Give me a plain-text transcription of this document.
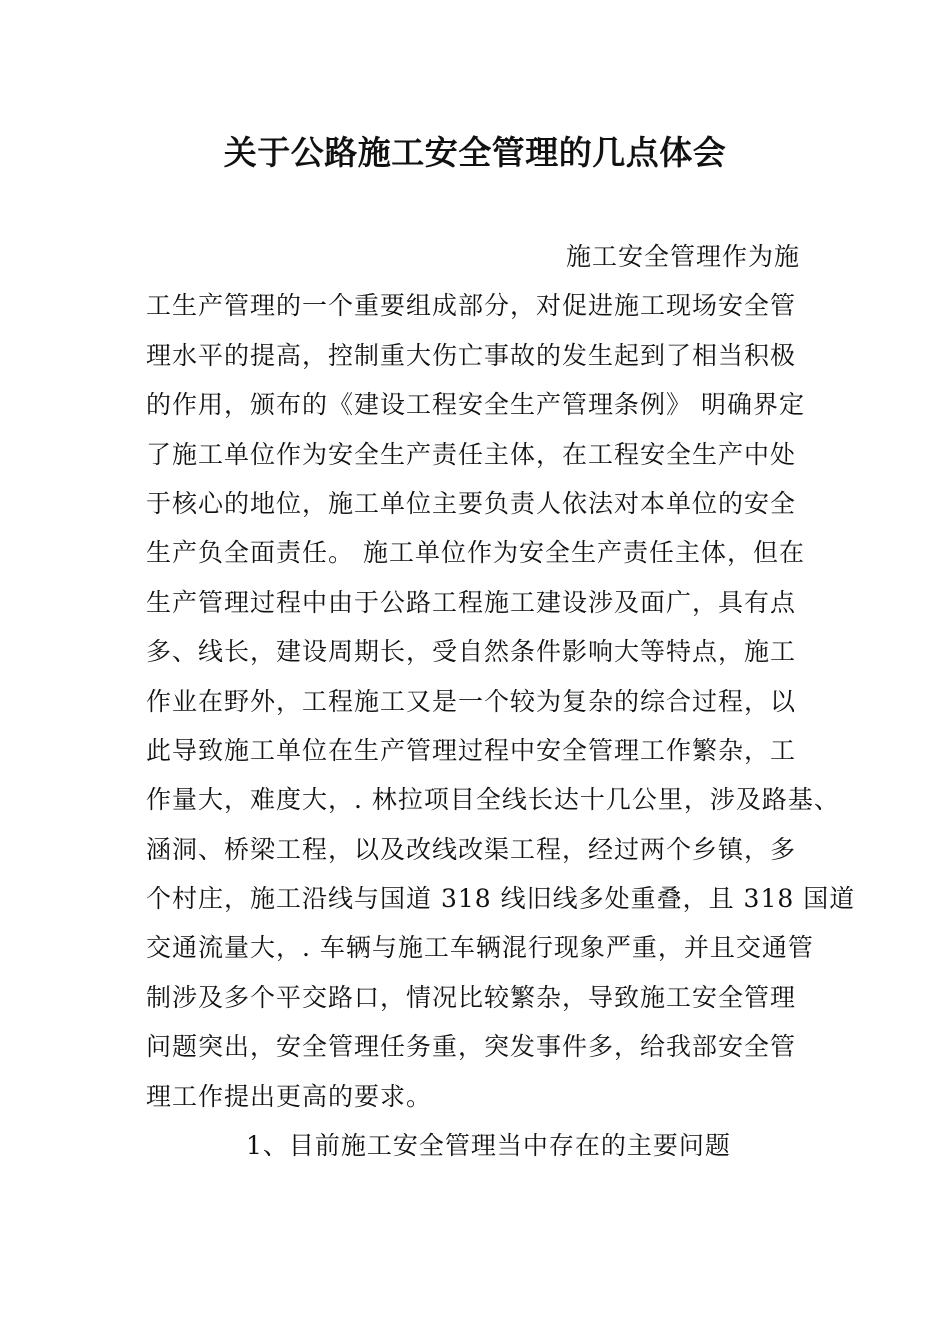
关于公路施工安全管理的几点体会
施工安全管理作为施
工生产管理的一个重要组成部分，对促进施工现场安全管
理水平的提高，控制重大伤亡事故的发生起到了相当积极
的作用，颁布的《建设工程安全生产管理条例》 明确界定
了施工单位作为安全生产责任主体，在工程安全生产中处
于核心的地位，施工单位主要负责人依法对本单位的安全
生产负全面责任。 施工单位作为安全生产责任主体，但在
生产管理过程中由于公路工程施工建设涉及面广，具有点
多、线长，建设周期长，受自然条件影响大等特点，施工
作业在野外，工程施工又是一个较为复杂的综合过程，以
此导致施工单位在生产管理过程中安全管理工作繁杂，工
作量大，难度大，. 林拉项目全线长达十几公里，涉及路基、
涵洞、桥梁工程，以及改线改渠工程，经过两个乡镇，多
个村庄，施工沿线与国道 318 线旧线多处重叠，且 318 国道
交通流量大，. 车辆与施工车辆混行现象严重，并且交通管
制涉及多个平交路口，情况比较繁杂，导致施工安全管理
问题突出，安全管理任务重，突发事件多，给我部安全管
理工作提出更高的要求。
1、目前施工安全管理当中存在的主要问题
